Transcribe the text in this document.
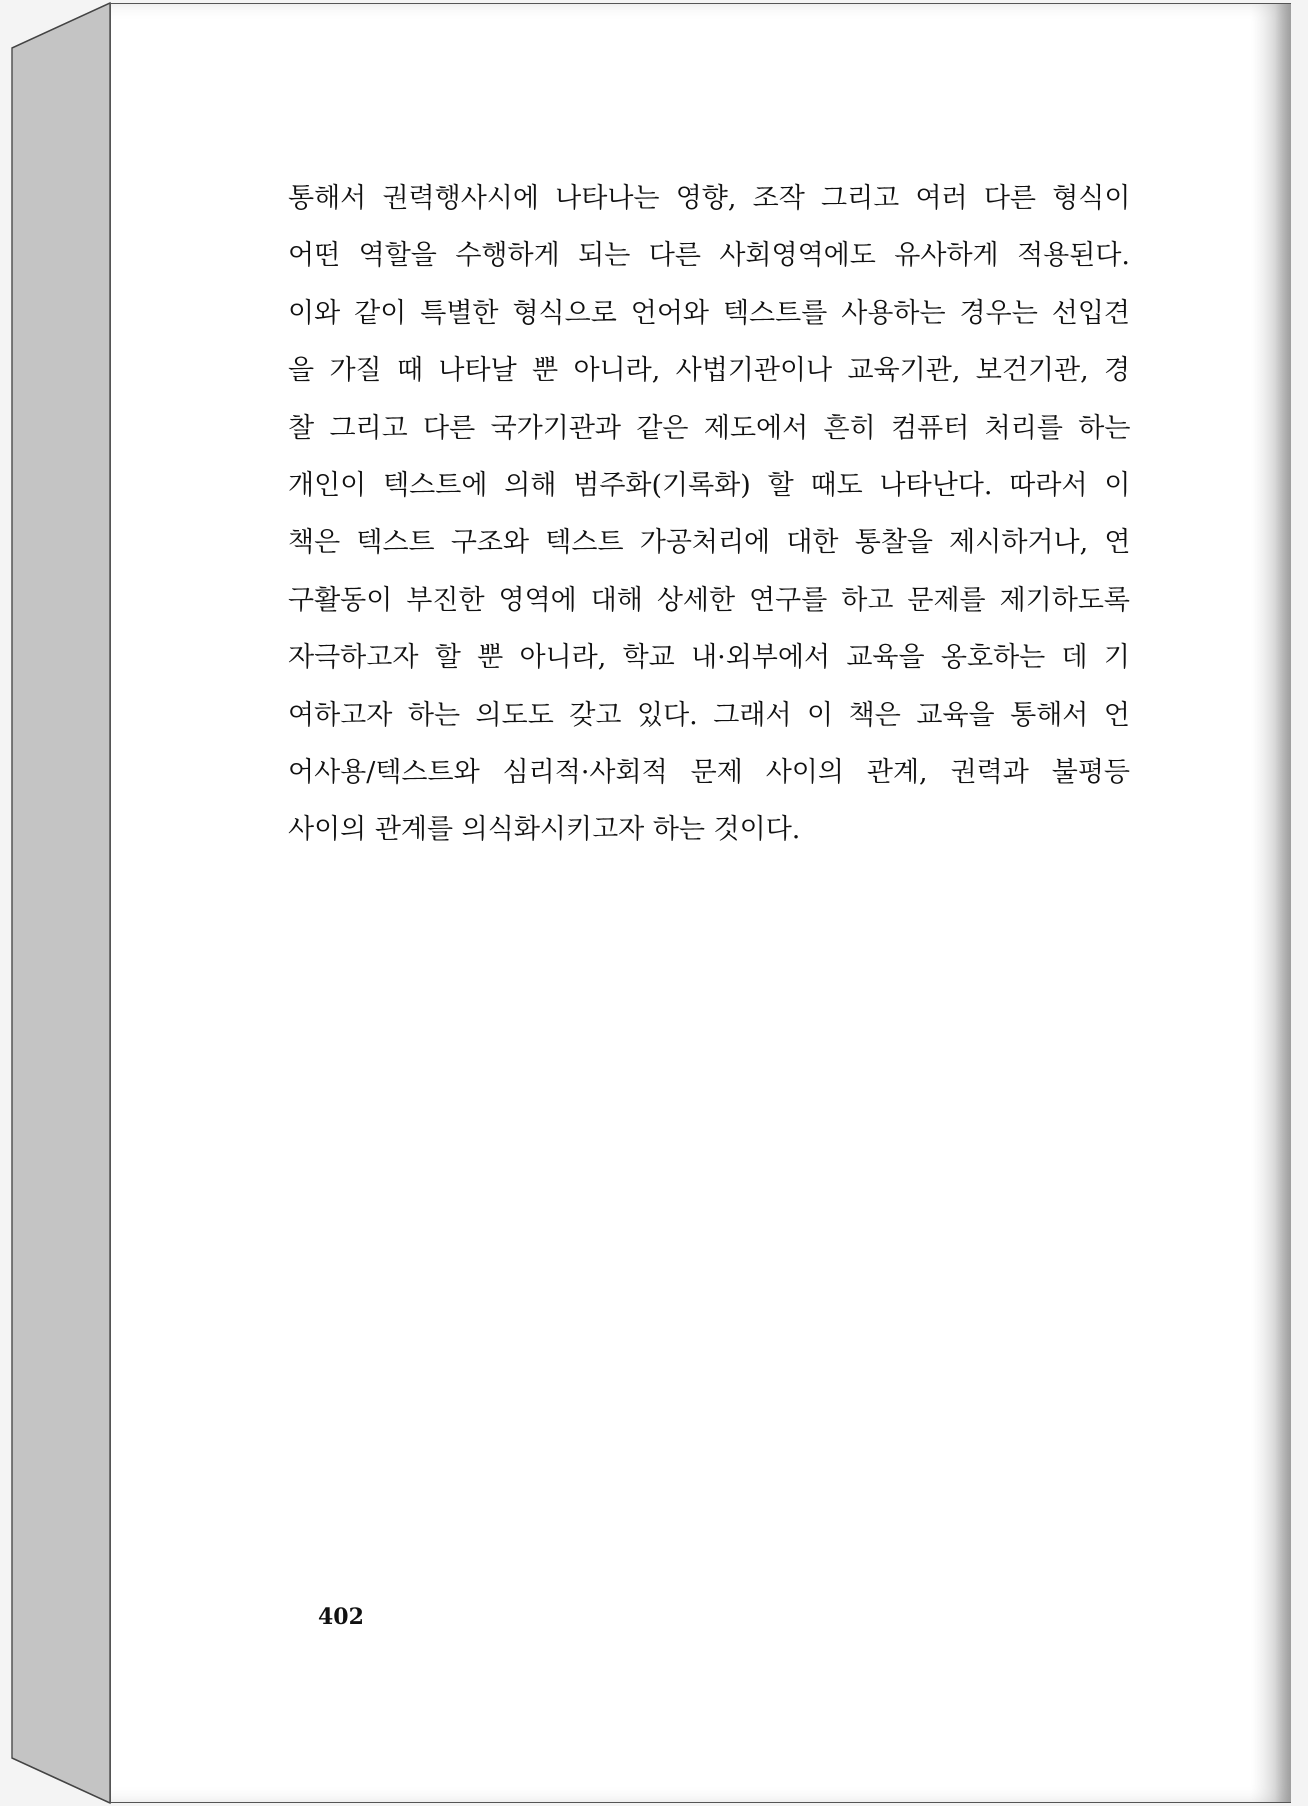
통해서 권력행사시에 나타나는 영향, 조작 그리고 여러 다른 형식이
어떤 역할을 수행하게 되는 다른 사회영역에도 유사하게 적용된다.
이와 같이 특별한 형식으로 언어와 텍스트를 사용하는 경우는 선입견
을 가질 때 나타날 뿐 아니라, 사법기관이나 교육기관, 보건기관, 경
찰 그리고 다른 국가기관과 같은 제도에서 흔히 컴퓨터 처리를 하는
개인이 텍스트에 의해 범주화(기록화) 할 때도 나타난다. 따라서 이
책은 텍스트 구조와 텍스트 가공처리에 대한 통찰을 제시하거나, 연
구활동이 부진한 영역에 대해 상세한 연구를 하고 문제를 제기하도록
자극하고자 할 뿐 아니라, 학교 내·외부에서 교육을 옹호하는 데 기
여하고자 하는 의도도 갖고 있다. 그래서 이 책은 교육을 통해서 언
어사용/텍스트와 심리적·사회적 문제 사이의 관계, 권력과 불평등
사이의 관계를 의식화시키고자 하는 것이다.
402
